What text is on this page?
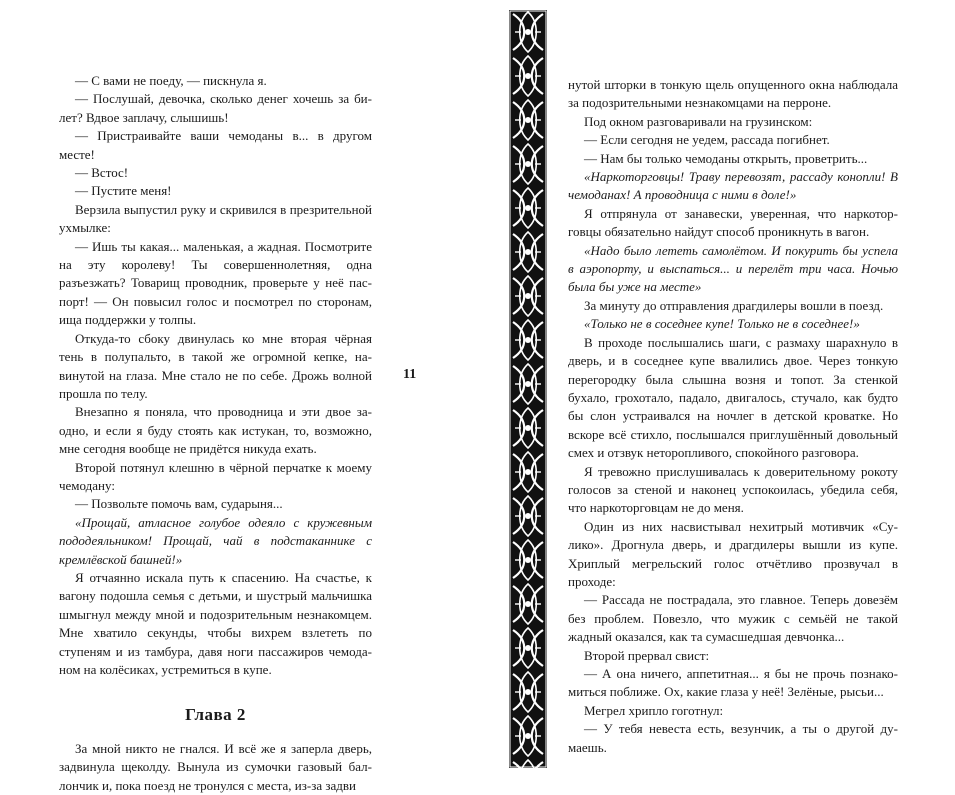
— С вами не поеду, — пискнула я.

— Послушай, девочка, сколько денег хочешь за билет? Вдвое заплачу, слышишь!

— Пристраивайте ваши чемоданы в... в другом месте!

— Встос!

— Пустите меня!

Верзила выпустил руку и скривился в презрительной ухмылке:

— Ишь ты какая... маленькая, а жадная. Посмотрите на эту королеву! Ты совершеннолетняя, одна разъезжать? Товарищ проводник, проверьте у неё паспорт! — Он повысил голос и посмотрел по сторонам, ища поддержки у толпы.

Откуда-то сбоку двинулась ко мне вторая чёрная тень в полупальто, в такой же огромной кепке, навинутой на глаза. Мне стало не по себе. Дрожь волной прошла по телу.

Внезапно я поняла, что проводница и эти двое заодно, и если я буду стоять как истукан, то, возможно, мне сегодня вообще не придётся никуда ехать.

Второй потянул клешню в чёрной перчатке к моему чемодану:

— Позвольте помочь вам, сударыня...

«Прощай, атласное голубое одеяло с кружевным пододеяльником! Прощай, чай в подстаканнике с кремлёвской башней!»

Я отчаянно искала путь к спасению. На счастье, к вагону подошла семья с детьми, и шустрый мальчишка шмыгнул между мной и подозрительным незнакомцем. Мне хватило секунды, чтобы вихрем взлететь по ступеням и из тамбура, давя ноги пассажиров чемоданом на колёсиках, устремиться в купе.

Глава 2

За мной никто не гнался. И всё же я заперла дверь, задвинула щеколду. Вынула из сумочки газовый баллончик и, пока поезд не тронулся с места, из-за задви

11

нутой шторки в тонкую щель опущенного окна наблюдала за подозрительными незнакомцами на перроне.

Под окном разговаривали на грузинском:

— Если сегодня не уедем, рассада погибнет.

— Нам бы только чемоданы открыть, проветрить...

«Наркоторговцы! Траву перевозят, рассаду конопли! В чемоданах! А проводница с ними в доле!»

Я отпрянула от занавески, уверенная, что наркоторговцы обязательно найдут способ проникнуть в вагон.

«Надо было лететь самолётом. И покурить бы успела в аэропорту, и выспаться... и перелёт три часа. Ночью была бы уже на месте»

За минуту до отправления драгдилеры вошли в поезд.

«Только не в соседнее купе! Только не в соседнее!»

В проходе послышались шаги, с размаху шарахнуло в дверь, и в соседнее купе ввалились двое. Через тонкую перегородку была слышна возня и топот. За стенкой бухало, грохотало, падало, двигалось, стучало, как будто бы слон устраивался на ночлег в детской кроватке. Но вскоре всё стихло, послышался приглушённый довольный смех и отзвук неторопливого, спокойного разговора.

Я тревожно прислушивалась к доверительному рокоту голосов за стеной и наконец успокоилась, убедила себя, что наркоторговцам не до меня.

Один из них насвистывал нехитрый мотивчик «Сулико». Дрогнула дверь, и драгдилеры вышли из купе. Хриплый мегрельский голос отчётливо прозвучал в проходе:

— Рассада не пострадала, это главное. Теперь довезём без проблем. Повезло, что мужик с семьёй не такой жадный оказался, как та сумасшедшая девчонка...

Второй прервал свист:

— А она ничего, аппетитная... я бы не прочь познакомиться поближе. Ох, какие глаза у неё! Зелёные, рысьи...

Мегрел хрипло гоготнул:

— У тебя невеста есть, везунчик, а ты о другой думаешь.
